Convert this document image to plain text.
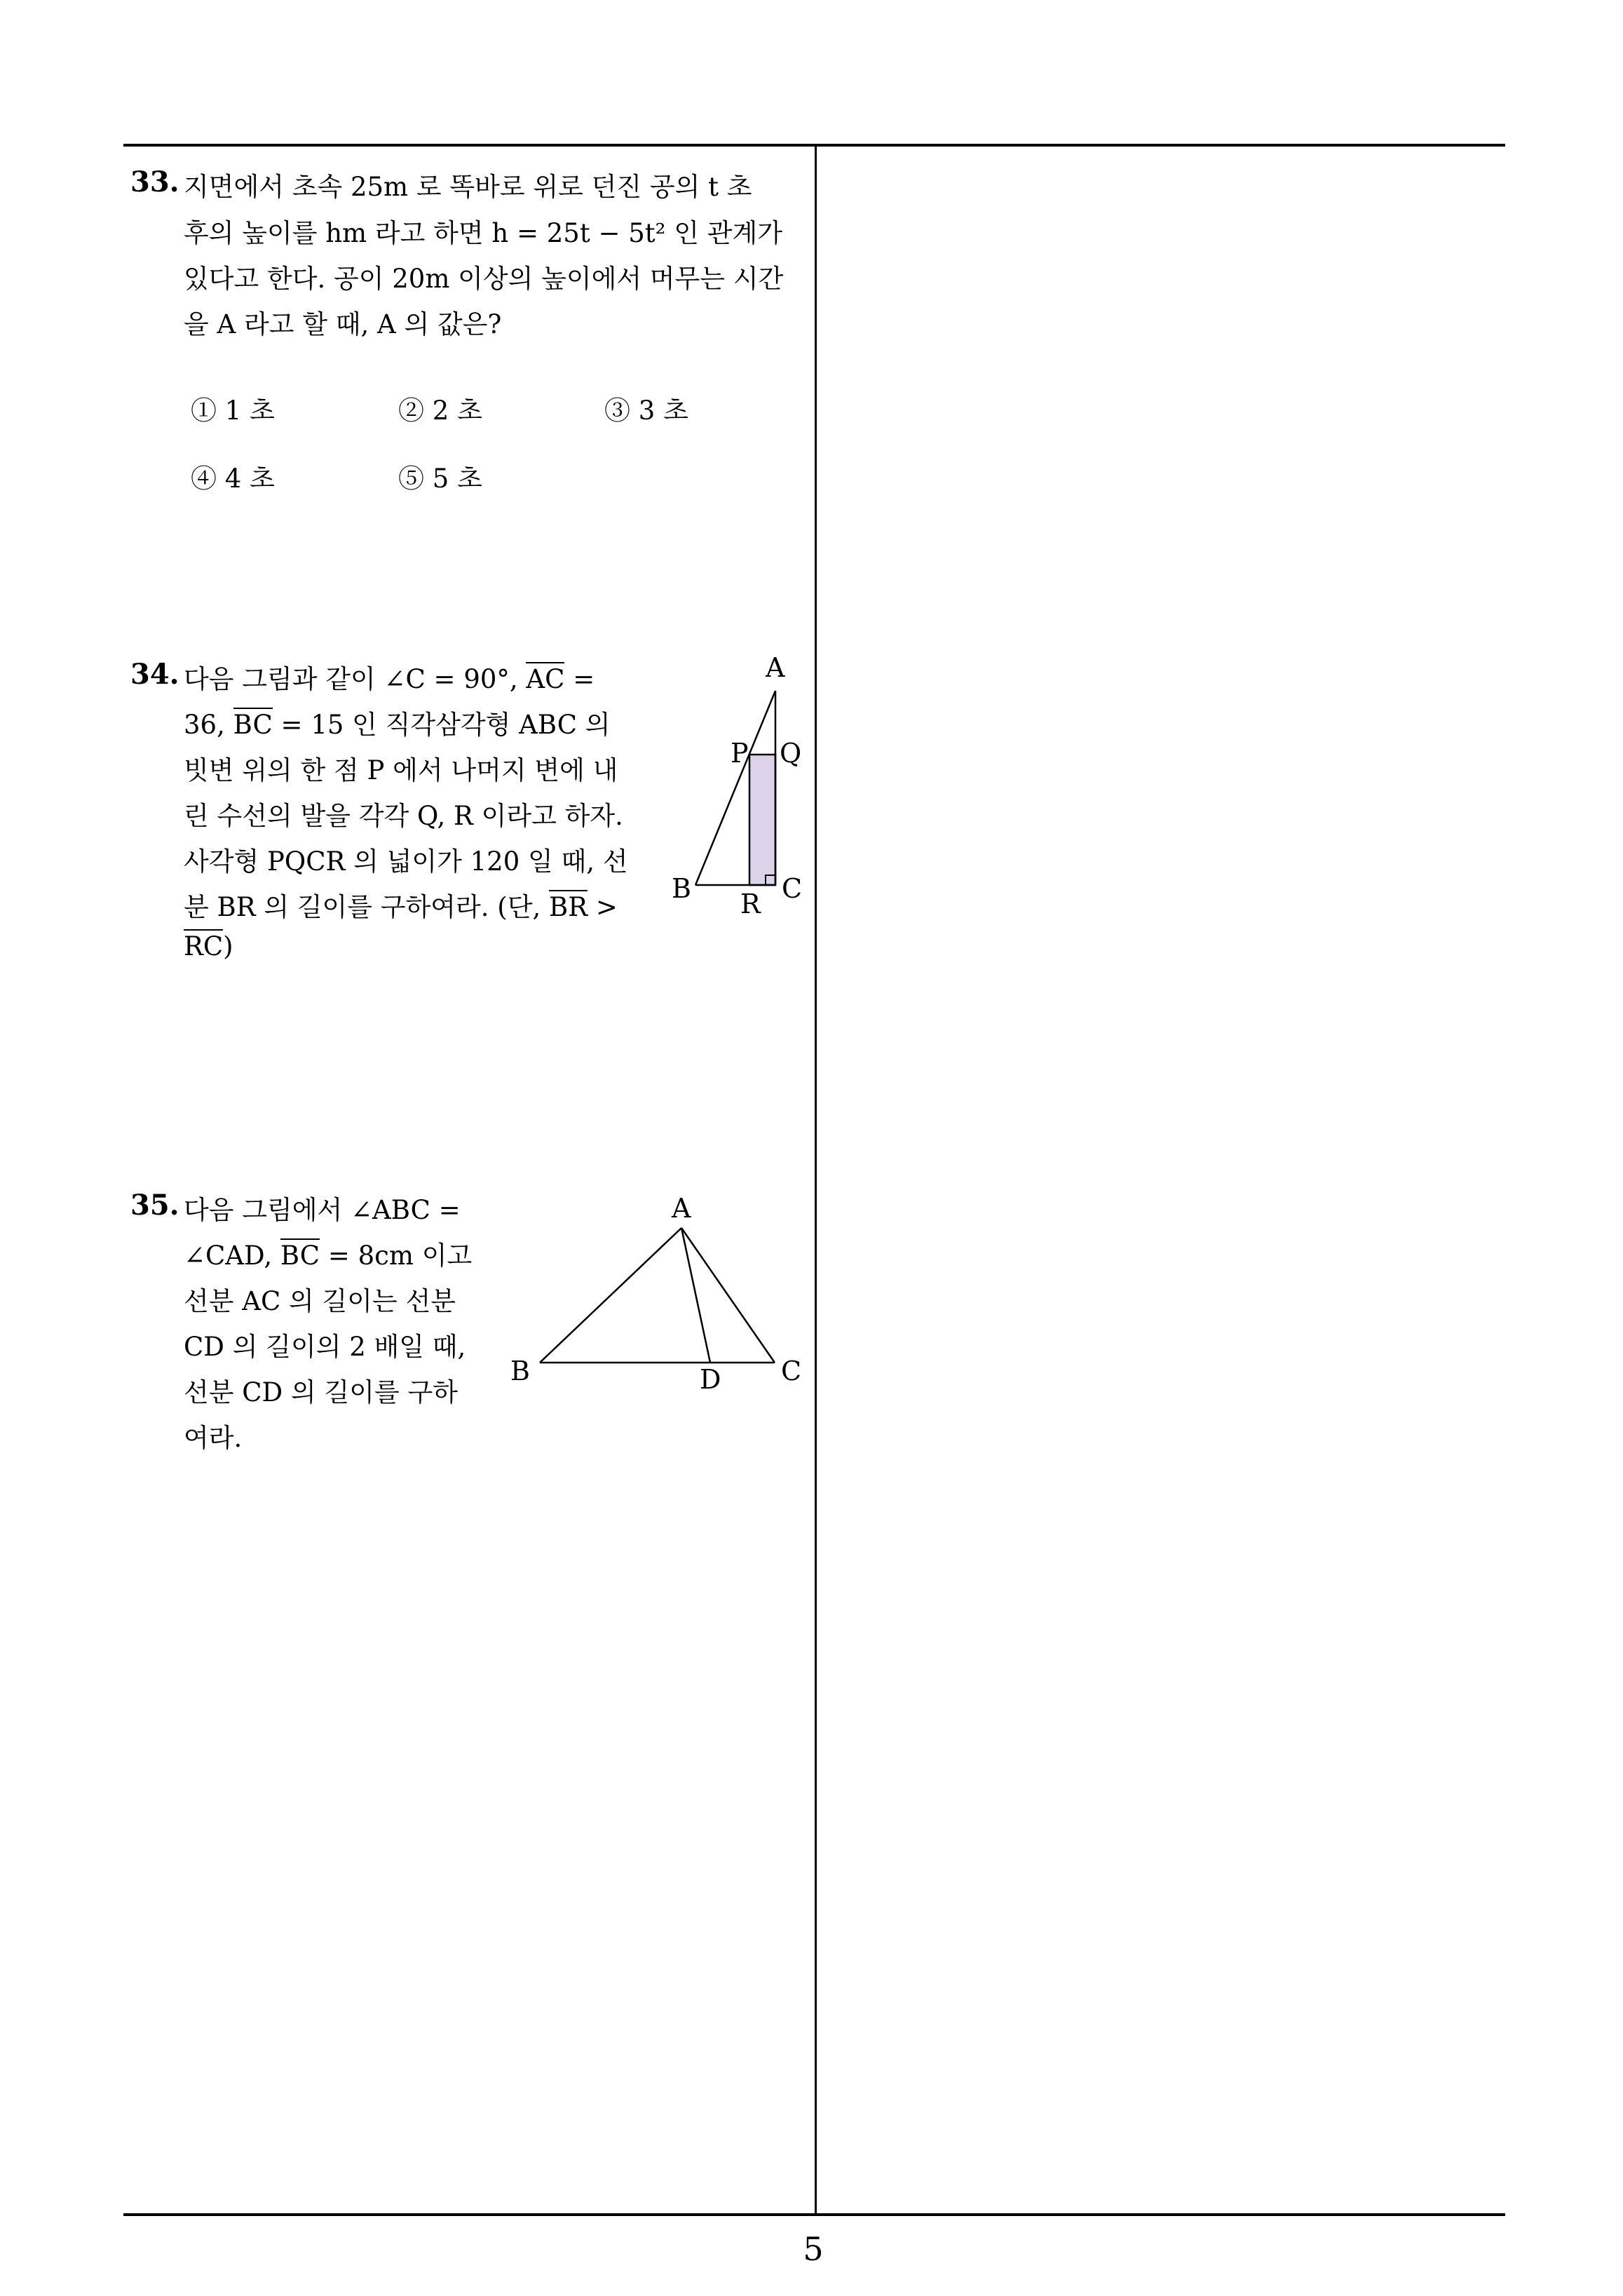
33. 지면에서 초속 25m 로 똑바로 위로 던진 공의 t 초
후의 높이를 hm 라고 하면 h = 25t − 5t² 인 관계가
있다고 한다. 공이 20m 이상의 높이에서 머무는 시간
을 A 라고 할 때, A 의 값은?
① 1 초	② 2 초	③ 3 초
④ 4 초	⑤ 5 초
34. 다음 그림과 같이 ∠C = 90°, AC =
36, BC = 15 인 직각삼각형 ABC 의
빗변 위의 한 점 P 에서 나머지 변에 내
린 수선의 발을 각각 Q, R 이라고 하자.
사각형 PQCR 의 넓이가 120 일 때, 선
분 BR 의 길이를 구하여라. (단, BR >
RC)
A
P Q
B R C
35. 다음 그림에서 ∠ABC =
∠CAD, BC = 8cm 이고
선분 AC 의 길이는 선분
CD 의 길이의 2 배일 때,
선분 CD 의 길이를 구하
여라.
A
B	D C
5
